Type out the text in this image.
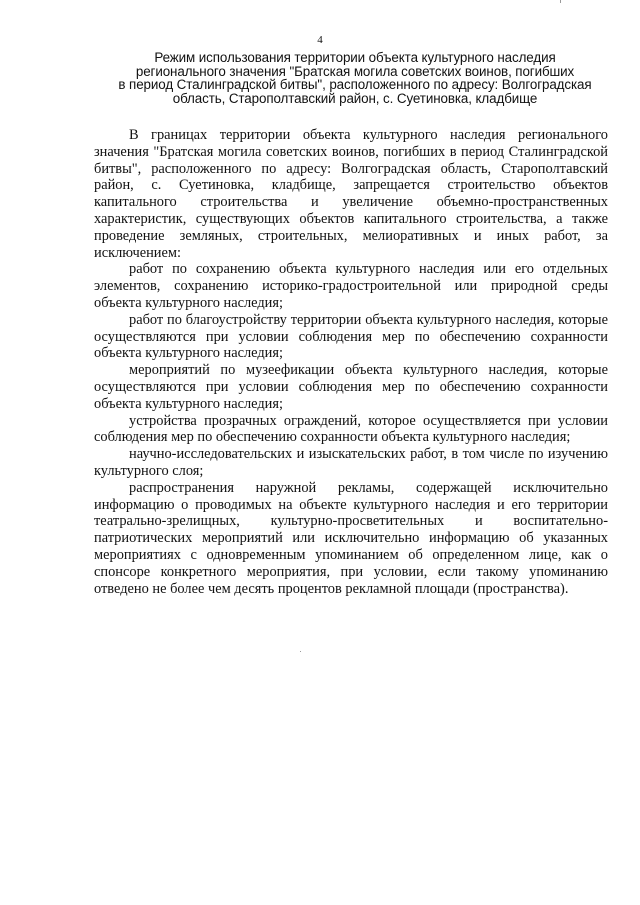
4
Режим использования территории объекта культурного наследия
регионального значения "Братская могила советских воинов, погибших
в период Сталинградской битвы", расположенного по адресу: Волгоградская
область, Старополтавский район, с. Суетиновка, кладбище

В границах территории объекта культурного наследия регионального значения "Братская могила советских воинов, погибших в период Сталинградской битвы", расположенного по адресу: Волгоградская область, Старополтавский район, с. Суетиновка, кладбище, запрещается строительство объектов капитального строительства и увеличение объемно-пространственных характеристик, существующих объектов капитального строительства, а также проведение земляных, строительных, мелиоративных и иных работ, за исключением:

работ по сохранению объекта культурного наследия или его отдельных элементов, сохранению историко-градостроительной или природной среды объекта культурного наследия;

работ по благоустройству территории объекта культурного наследия, которые осуществляются при условии соблюдения мер по обеспечению сохранности объекта культурного наследия;

мероприятий по музеефикации объекта культурного наследия, которые осуществляются при условии соблюдения мер по обеспечению сохранности объекта культурного наследия;

устройства прозрачных ограждений, которое осуществляется при условии соблюдения мер по обеспечению сохранности объекта культурного наследия;

научно-исследовательских и изыскательских работ, в том числе по изучению культурного слоя;

распространения наружной рекламы, содержащей исключительно информацию о проводимых на объекте культурного наследия и его территории театрально-зрелищных, культурно-просветительных и воспитательно-патриотических мероприятий или исключительно информацию об указанных мероприятиях с одновременным упоминанием об определенном лице, как о спонсоре конкретного мероприятия, при условии, если такому упоминанию отведено не более чем десять процентов рекламной площади (пространства).
